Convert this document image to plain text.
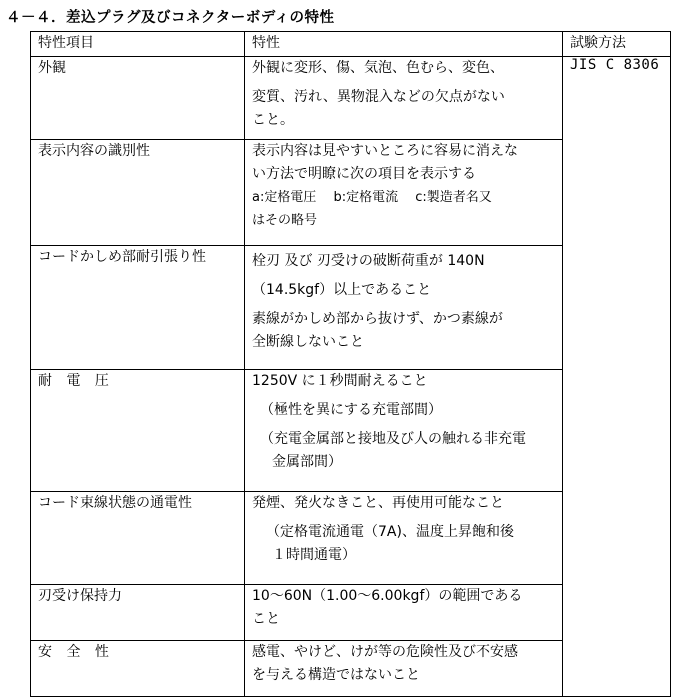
４－４．差込プラグ及びコネクターボディの特性
特性項目	特性	試験方法
外観	外観に変形、傷、気泡、色むら、変色、
変質、汚れ、異物混入などの欠点がない
こと。	JIS C 8306
表示内容の識別性	表示内容は見やすいところに容易に消えな
い方法で明瞭に次の項目を表示する
a:定格電圧　 b:定格電流　 c:製造者名又
はその略号	

コードかしめ部耐引張り性	栓刃 及び 刃受けの破断荷重が 140N
（14.5kgf）以上であること
素線がかしめ部から抜けず、かつ素線が
全断線しないこと	

耐 電 圧	1250V に１秒間耐えること
（極性を異にする充電部間）
（充電金属部と接地及び人の触れる非充電
金属部間）	

コード束線状態の通電性	発煙、発火なきこと、再使用可能なこと
（定格電流通電（7A)、温度上昇飽和後
１時間通電）	

刃受け保持力	10～60N（1.00～6.00kgf）の範囲である
こと	

安 全 性	感電、やけど、けが等の危険性及び不安感
を与える構造ではないこと	
